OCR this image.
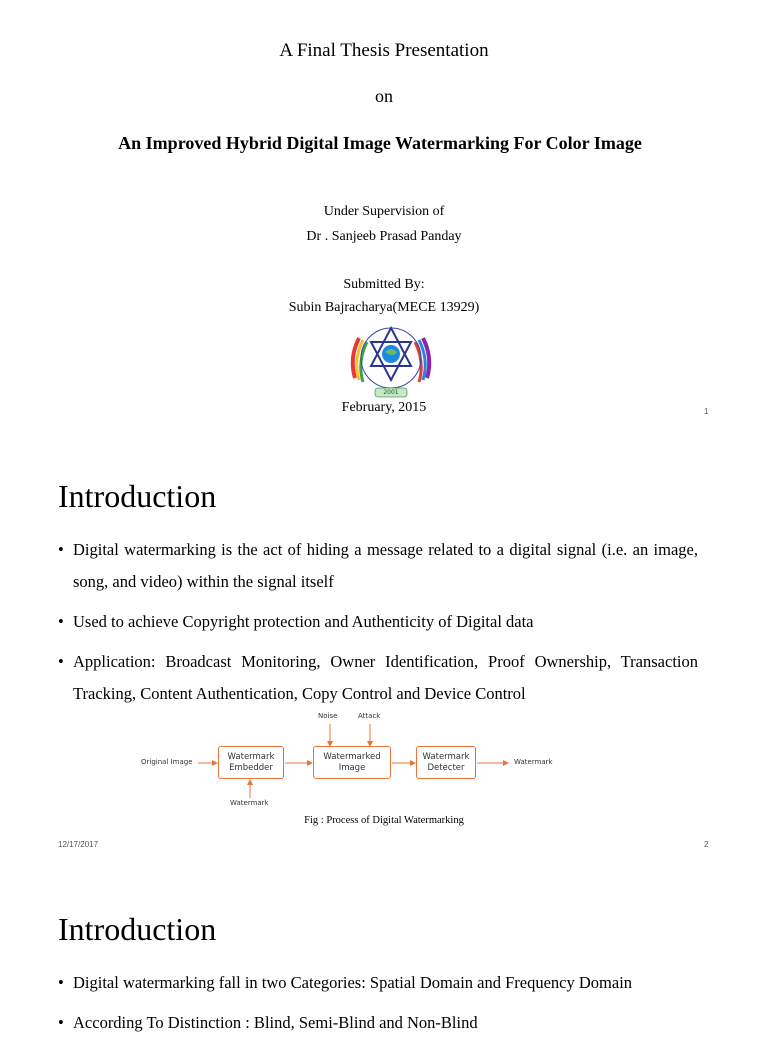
A Final Thesis Presentation
on
An Improved Hybrid Digital Image Watermarking For Color Image
Under Supervision of
Dr . Sanjeeb Prasad Panday
Submitted By:
Subin Bajracharya(MECE 13929)
2001
February, 2015	1
Introduction
• Digital watermarking is the act of hiding a message related to a digital signal (i.e. an image, song, and video) within the signal itself
• Used to achieve Copyright protection and Authenticity of Digital data
• Application: Broadcast Monitoring, Owner Identification, Proof Ownership, Transaction Tracking, Content Authentication, Copy Control and Device Control
Noise	Attack
Original Image
Watermark
Embedder
Watermarked
Image
Watermark
Detecter
Watermark
Watermark
Fig : Process of Digital Watermarking
12/17/2017	2
Introduction
• Digital watermarking fall in two Categories: Spatial Domain and Frequency Domain
• According To Distinction : Blind, Semi-Blind and Non-Blind
